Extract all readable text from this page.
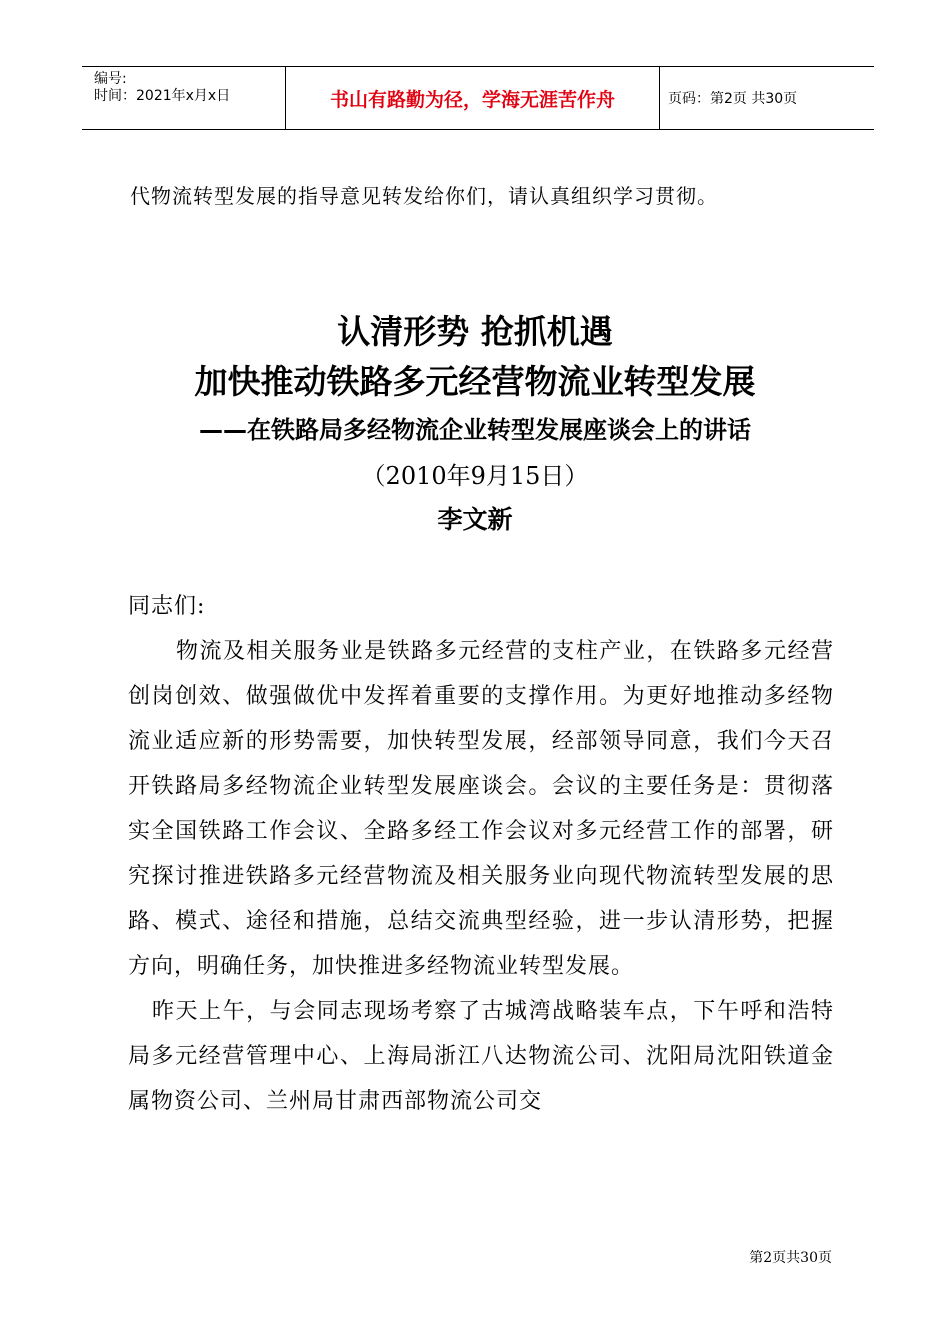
编号:
时间：2021年x月x日	书山有路勤为径，学海无涯苦作舟	页码：第2页 共30页
代物流转型发展的指导意见转发给你们，请认真组织学习贯彻。
认清形势 抢抓机遇
加快推动铁路多元经营物流业转型发展
——在铁路局多经物流企业转型发展座谈会上的讲话
（2010年9月15日）
李文新

同志们:

物流及相关服务业是铁路多元经营的支柱产业，在铁路多元经营创岗创效、做强做优中发挥着重要的支撑作用。为更好地推动多经物流业适应新的形势需要，加快转型发展，经部领导同意，我们今天召开铁路局多经物流企业转型发展座谈会。会议的主要任务是：贯彻落实全国铁路工作会议、全路多经工作会议对多元经营工作的部署，研究探讨推进铁路多元经营物流及相关服务业向现代物流转型发展的思路、模式、途径和措施，总结交流典型经验，进一步认清形势，把握方向，明确任务，加快推进多经物流业转型发展。

昨天上午，与会同志现场考察了古城湾战略装车点，下午呼和浩特局多元经营管理中心、上海局浙江八达物流公司、沈阳局沈阳铁道金属物资公司、兰州局甘肃西部物流公司交

第2页共30页
